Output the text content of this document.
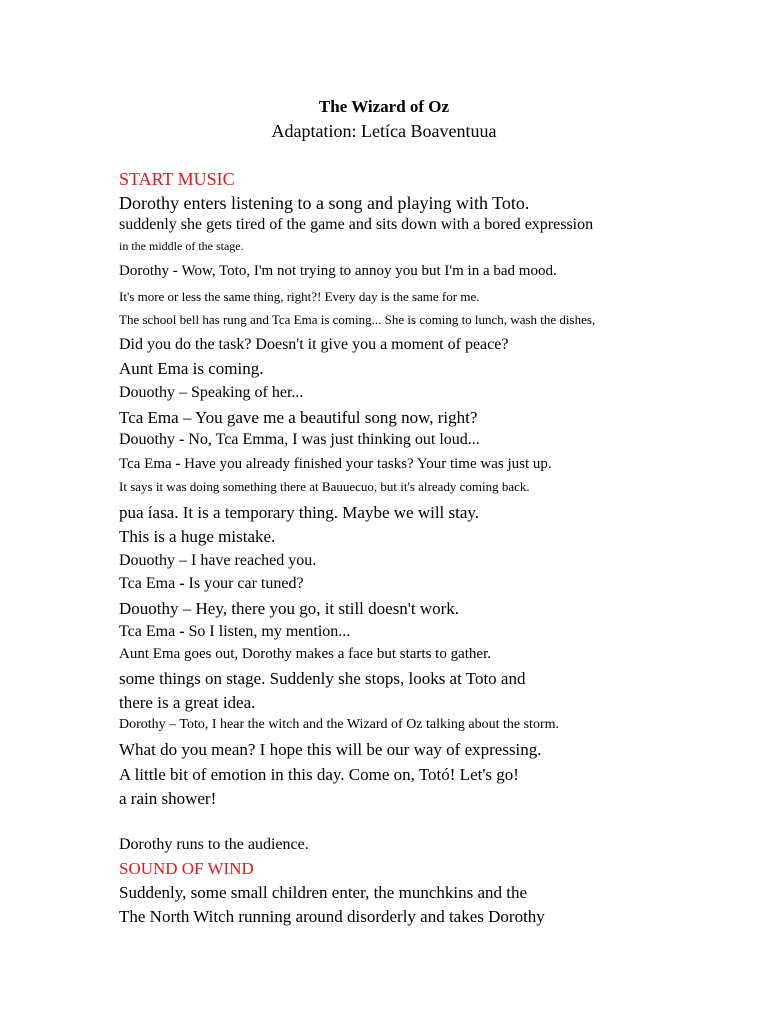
The Wizard of Oz
Adaptation: Letíca Boaventuua

START MUSIC

Dorothy enters listening to a song and playing with Toto.

suddenly she gets tired of the game and sits down with a bored expression

in the middle of the stage.

Dorothy - Wow, Toto, I'm not trying to annoy you but I'm in a bad mood.

It's more or less the same thing, right?! Every day is the same for me.

The school bell has rung and Tca Ema is coming... She is coming to lunch, wash the dishes,

Did you do the task? Doesn't it give you a moment of peace?

Aunt Ema is coming.

Douothy – Speaking of her...

Tca Ema – You gave me a beautiful song now, right?

Douothy - No, Tca Emma, I was just thinking out loud...

Tca Ema - Have you already finished your tasks? Your time was just up.

It says it was doing something there at Bauuecuo, but it's already coming back.

pua íasa. It is a temporary thing. Maybe we will stay.

This is a huge mistake.

Douothy – I have reached you.

Tca Ema - Is your car tuned?

Douothy – Hey, there you go, it still doesn't work.

Tca Ema - So I listen, my mention...

Aunt Ema goes out, Dorothy makes a face but starts to gather.

some things on stage. Suddenly she stops, looks at Toto and

there is a great idea.

Dorothy – Toto, I hear the witch and the Wizard of Oz talking about the storm.

What do you mean? I hope this will be our way of expressing.

A little bit of emotion in this day. Come on, Totó! Let's go!

a rain shower!

Dorothy runs to the audience.

SOUND OF WIND

Suddenly, some small children enter, the munchkins and the

The North Witch running around disorderly and takes Dorothy
